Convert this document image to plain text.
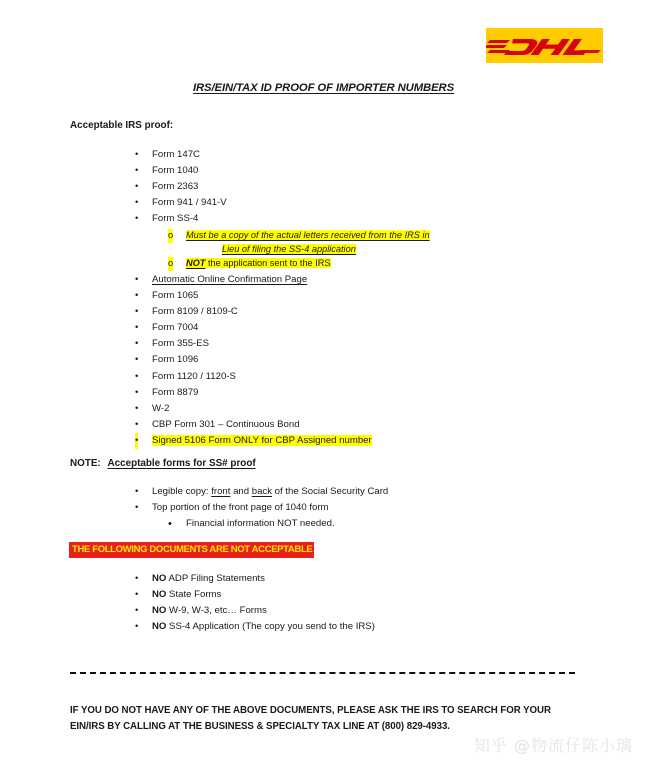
IRS/EIN/TAX ID PROOF OF IMPORTER NUMBERS
Acceptable IRS proof:
• Form 147C
• Form 1040
• Form 2363
• Form 941 / 941-V
• Form SS-4
o Must be a copy of the actual letters received from the IRS in
Lieu of filing the SS-4 application
o NOT the application sent to the IRS
• Automatic Online Confirmation Page
• Form 1065
• Form 8109 / 8109-C
• Form 7004
• Form 355-ES
• Form 1096
• Form 1120 / 1120-S
• Form 8879
• W-2
• CBP Form 301 – Continuous Bond
• Signed 5106 Form ONLY for CBP Assigned number
NOTE: Acceptable forms for SS# proof
• Legible copy: front and back of the Social Security Card
• Top portion of the front page of 1040 form
• Financial information NOT needed.
THE FOLLOWING DOCUMENTS ARE NOT ACCEPTABLE
• NO ADP Filing Statements
• NO State Forms
• NO W-9, W-3, etc… Forms
• NO SS-4 Application (The copy you send to the IRS)
IF YOU DO NOT HAVE ANY OF THE ABOVE DOCUMENTS, PLEASE ASK THE IRS TO SEARCH FOR YOUR
EIN/IRS BY CALLING AT THE BUSINESS & SPECIALTY TAX LINE AT (800) 829-4933.
知乎 @物流仔陈小璃
